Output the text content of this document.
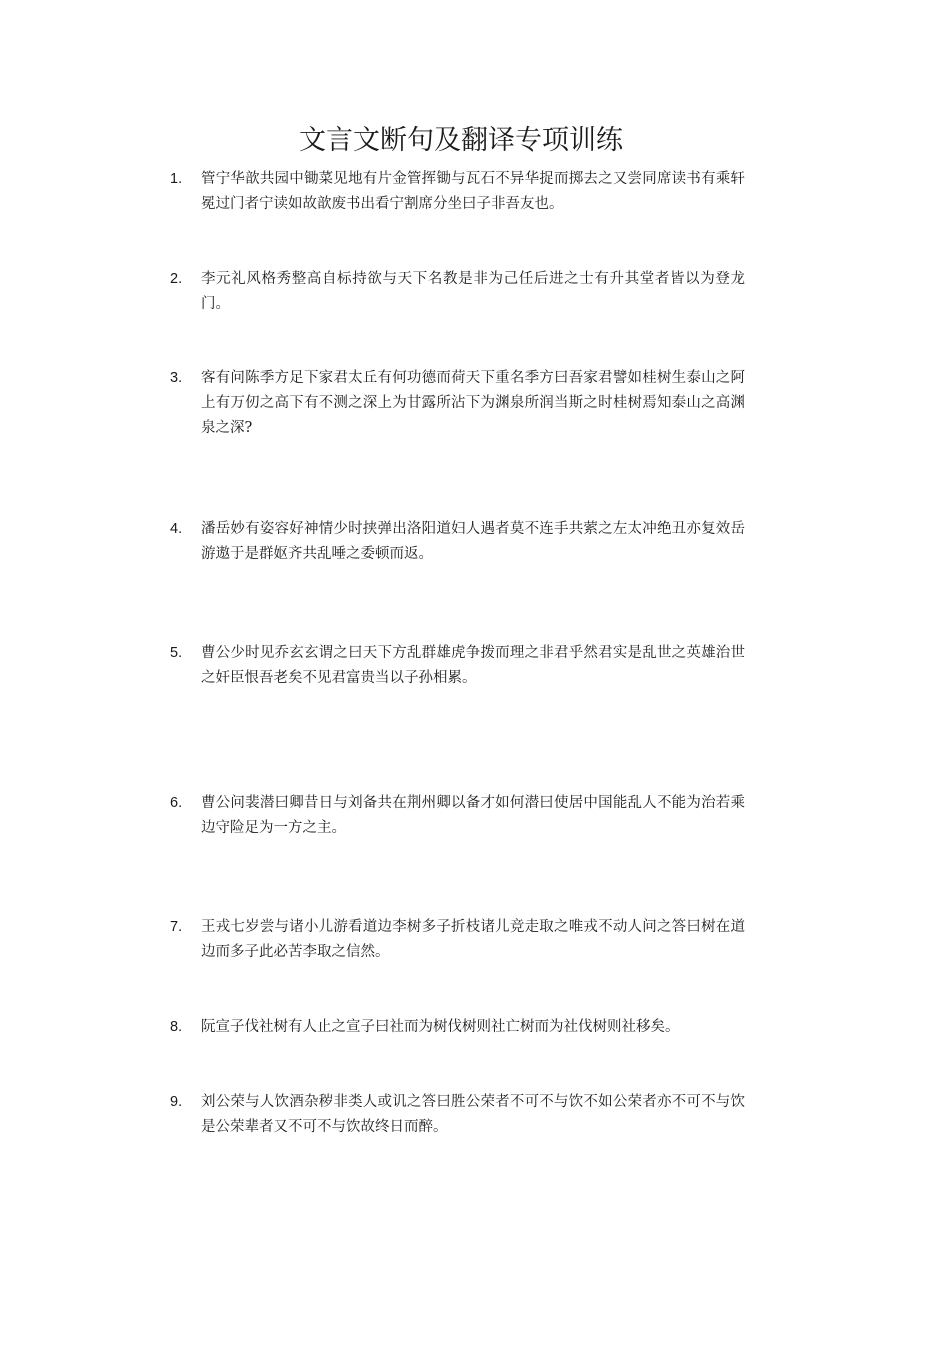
文言文断句及翻译专项训练
1.	管宁华歆共园中锄菜见地有片金管挥锄与瓦石不异华捉而掷去之又尝同席读书有乘轩冕过门者宁读如故歆废书出看宁割席分坐曰子非吾友也。
2.	李元礼风格秀整高自标持欲与天下名教是非为己任后进之士有升其堂者皆以为登龙门。
3.	客有问陈季方足下家君太丘有何功德而荷天下重名季方曰吾家君譬如桂树生泰山之阿上有万仞之高下有不测之深上为甘露所沾下为渊泉所润当斯之时桂树焉知泰山之高渊泉之深?
4.	潘岳妙有姿容好神情少时挟弹出洛阳道妇人遇者莫不连手共萦之左太冲绝丑亦复效岳游遨于是群妪齐共乱唾之委顿而返。
5.	曹公少时见乔玄玄谓之曰天下方乱群雄虎争拨而理之非君乎然君实是乱世之英雄治世之奸臣恨吾老矣不见君富贵当以子孙相累。
6.	曹公问裴潜曰卿昔日与刘备共在荆州卿以备才如何潜曰使居中国能乱人不能为治若乘边守险足为一方之主。
7.	王戎七岁尝与诸小儿游看道边李树多子折枝诸儿竞走取之唯戎不动人问之答曰树在道边而多子此必苦李取之信然。
8.	阮宣子伐社树有人止之宣子曰社而为树伐树则社亡树而为社伐树则社移矣。
9.	刘公荣与人饮酒杂秽非类人或讥之答曰胜公荣者不可不与饮不如公荣者亦不可不与饮是公荣辈者又不可不与饮故终日而醉。
